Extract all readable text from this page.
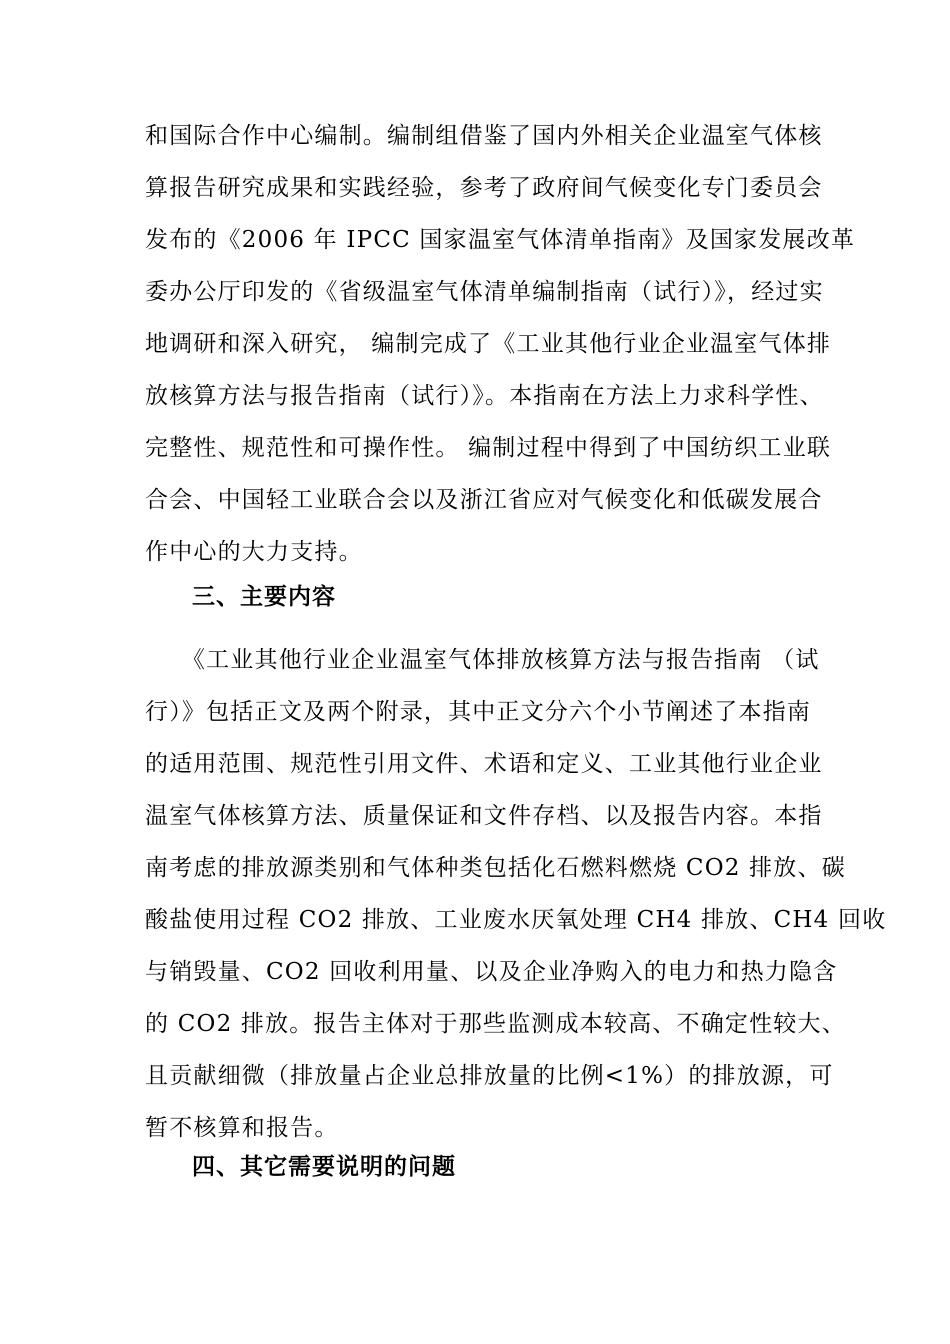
和国际合作中心编制。编制组借鉴了国内外相关企业温室气体核
算报告研究成果和实践经验，参考了政府间气候变化专门委员会
发布的《2006 年 IPCC 国家温室气体清单指南》及国家发展改革
委办公厅印发的《省级温室气体清单编制指南（试行）》，经过实
地调研和深入研究， 编制完成了《工业其他行业企业温室气体排
放核算方法与报告指南（试行）》。本指南在方法上力求科学性、
完整性、规范性和可操作性。 编制过程中得到了中国纺织工业联
合会、中国轻工业联合会以及浙江省应对气候变化和低碳发展合
作中心的大力支持。
三、主要内容
　　《工业其他行业企业温室气体排放核算方法与报告指南 （试
行）》包括正文及两个附录，其中正文分六个小节阐述了本指南
的适用范围、规范性引用文件、术语和定义、工业其他行业企业
温室气体核算方法、质量保证和文件存档、以及报告内容。本指
南考虑的排放源类别和气体种类包括化石燃料燃烧 CO2 排放、碳
酸盐使用过程 CO2 排放、工业废水厌氧处理 CH4 排放、CH4 回收
与销毁量、CO2 回收利用量、以及企业净购入的电力和热力隐含
的 CO2 排放。报告主体对于那些监测成本较高、不确定性较大、
且贡献细微（排放量占企业总排放量的比例<1%）的排放源，可
暂不核算和报告。
四、其它需要说明的问题
